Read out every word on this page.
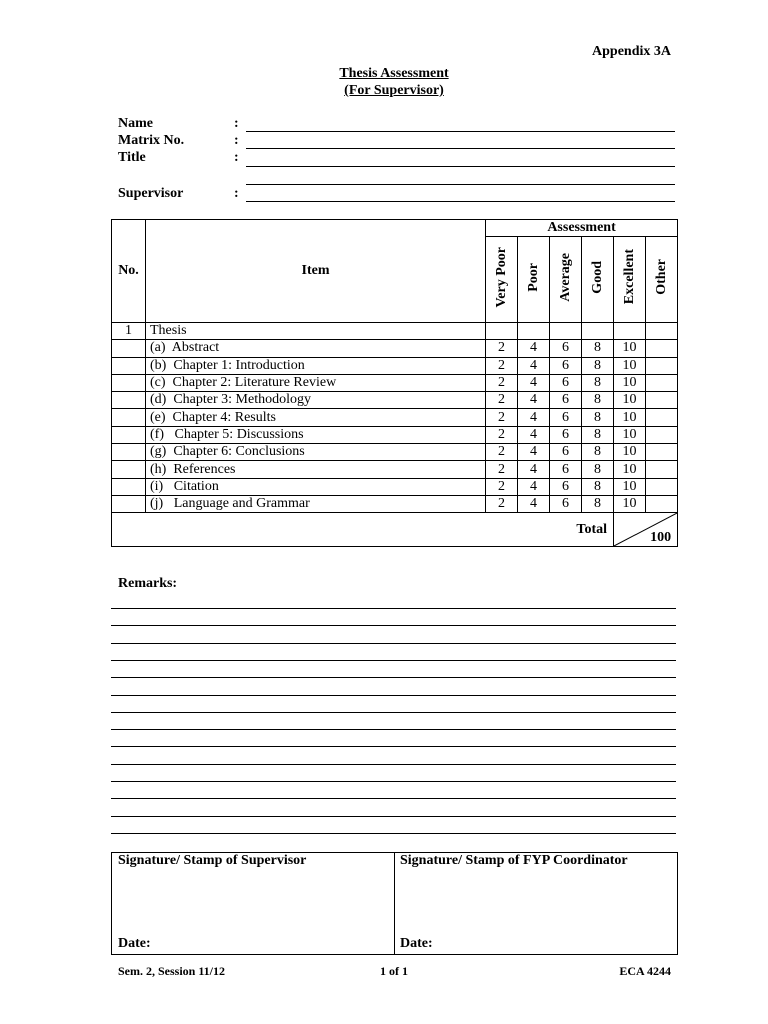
Appendix 3A
Thesis Assessment
(For Supervisor)
Name	:
Matrix No.	:
Title	:
Supervisor	:
No.	Item	Assessment					
		Very Poor	Poor	Average	Good	Excellent	Other
1	Thesis						
	(a)  Abstract	2	4	6	8	10	
	(b)  Chapter 1: Introduction	2	4	6	8	10	
	(c)  Chapter 2: Literature Review	2	4	6	8	10	
	(d)  Chapter 3: Methodology	2	4	6	8	10	
	(e)  Chapter 4: Results	2	4	6	8	10	
	(f)   Chapter 5: Discussions	2	4	6	8	10	
	(g)  Chapter 6: Conclusions	2	4	6	8	10	
	(h)  References	2	4	6	8	10	
	(i)   Citation	2	4	6	8	10	
	(j)   Language and Grammar	2	4	6	8	10	
Total						100	
Remarks:
Signature/ Stamp of Supervisor	Signature/ Stamp of FYP Coordinator
Date:	Date:
Sem. 2, Session 11/12	1 of 1	ECA 4244
